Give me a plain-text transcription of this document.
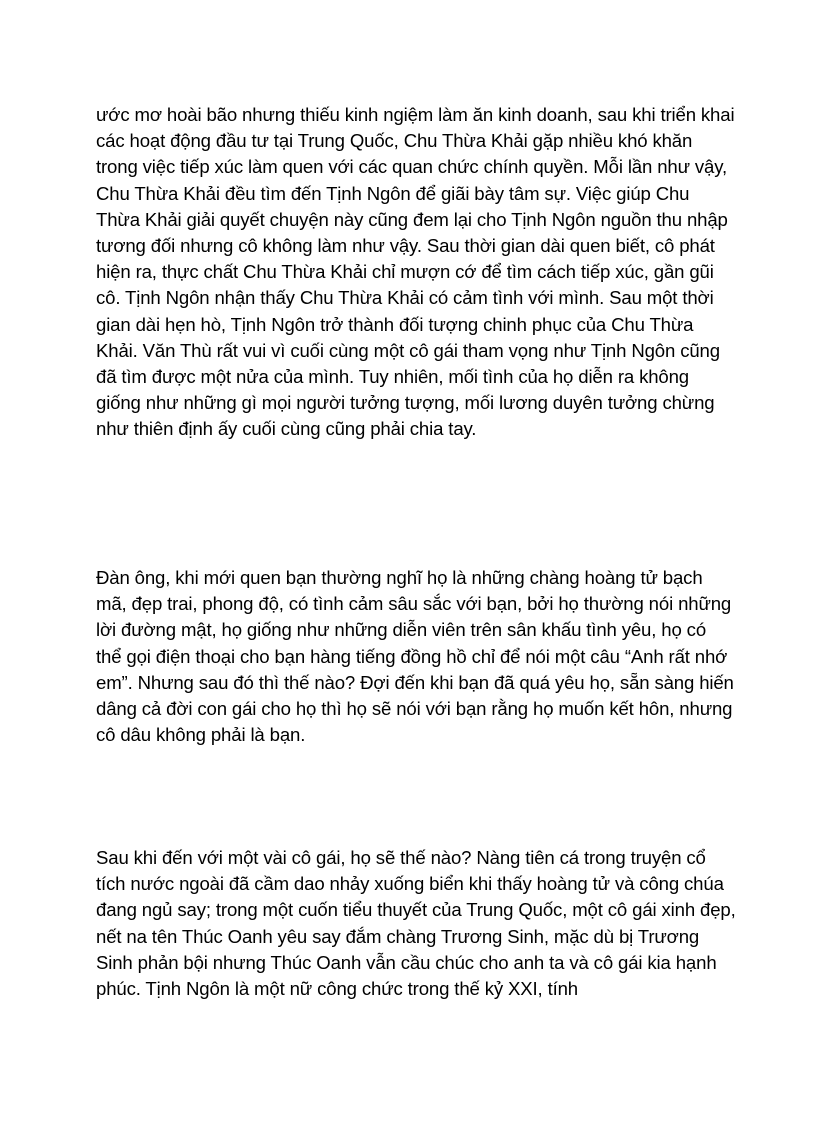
ước mơ hoài bão nhưng thiếu kinh ngiệm làm ăn kinh doanh, sau khi triển khai các hoạt động đầu tư tại Trung Quốc, Chu Thừa Khải gặp nhiều khó khăn trong việc tiếp xúc làm quen với các quan chức chính quyền. Mỗi lần như vậy, Chu Thừa Khải đều tìm đến Tịnh Ngôn để giãi bày tâm sự. Việc giúp Chu Thừa Khải giải quyết chuyện này cũng đem lại cho Tịnh Ngôn nguồn thu nhập tương đối nhưng cô không làm như vậy. Sau thời gian dài quen biết, cô phát hiện ra, thực chất Chu Thừa Khải chỉ mượn cớ để tìm cách tiếp xúc, gần gũi cô. Tịnh Ngôn nhận thấy Chu Thừa Khải có cảm tình với mình. Sau một thời gian dài hẹn hò, Tịnh Ngôn trở thành đối tượng chinh phục của Chu Thừa Khải. Văn Thù rất vui vì cuối cùng một cô gái tham vọng như Tịnh Ngôn cũng đã tìm được một nửa của mình. Tuy nhiên, mối tình của họ diễn ra không giống như những gì mọi người tưởng tượng, mối lương duyên tưởng chừng như thiên định ấy cuối cùng cũng phải chia tay.

Đàn ông, khi mới quen bạn thường nghĩ họ là những chàng hoàng tử bạch mã, đẹp trai, phong độ, có tình cảm sâu sắc với bạn, bởi họ thường nói những lời đường mật, họ giống như những diễn viên trên sân khấu tình yêu, họ có thể gọi điện thoại cho bạn hàng tiếng đồng hồ chỉ để nói một câu “Anh rất nhớ em”. Nhưng sau đó thì thế nào? Đợi đến khi bạn đã quá yêu họ, sẵn sàng hiến dâng cả đời con gái cho họ thì họ sẽ nói với bạn rằng họ muốn kết hôn, nhưng cô dâu không phải là bạn.

Sau khi đến với một vài cô gái, họ sẽ thế nào? Nàng tiên cá trong truyện cổ tích nước ngoài đã cầm dao nhảy xuống biển khi thấy hoàng tử và công chúa đang ngủ say; trong một cuốn tiểu thuyết của Trung Quốc, một cô gái xinh đẹp, nết na tên Thúc Oanh yêu say đắm chàng Trương Sinh, mặc dù bị Trương Sinh phản bội nhưng Thúc Oanh vẫn cầu chúc cho anh ta và cô gái kia hạnh phúc. Tịnh Ngôn là một nữ công chức trong thế kỷ XXI, tính
